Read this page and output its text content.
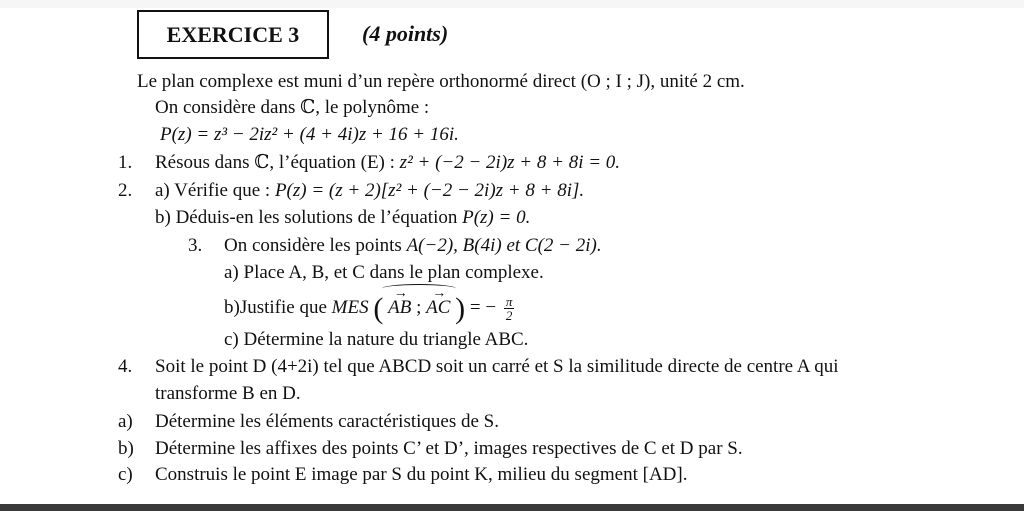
EXERCICE 3	(4 points)
Le plan complexe est muni d’un repère orthonormé direct (O ; I ; J), unité 2 cm.
On considère dans ℂ, le polynôme :
P(z) = z³ − 2iz² + (4 + 4i)z + 16 + 16i.
1. Résous dans ℂ, l’équation (E) : z² + (−2 − 2i)z + 8 + 8i = 0.
2. a) Vérifie que : P(z) = (z + 2)[z² + (−2 − 2i)z + 8 + 8i].
b) Déduis-en les solutions de l’équation P(z) = 0.
3. On considère les points A(−2), B(4i) et C(2 − 2i).
a) Place A, B, et C dans le plan complexe.
b)Justifie que MES ( → AB ; → AC ) = − $\frac{\pi}{2}$
c) Détermine la nature du triangle ABC.
4. Soit le point D (4+2i) tel que ABCD soit un carré et S la similitude directe de centre A qui
transforme B en D.
a) Détermine les éléments caractéristiques de S.
b) Détermine les affixes des points C’ et D’, images respectives de C et D par S.
c) Construis le point E image par S du point K, milieu du segment [AD].
